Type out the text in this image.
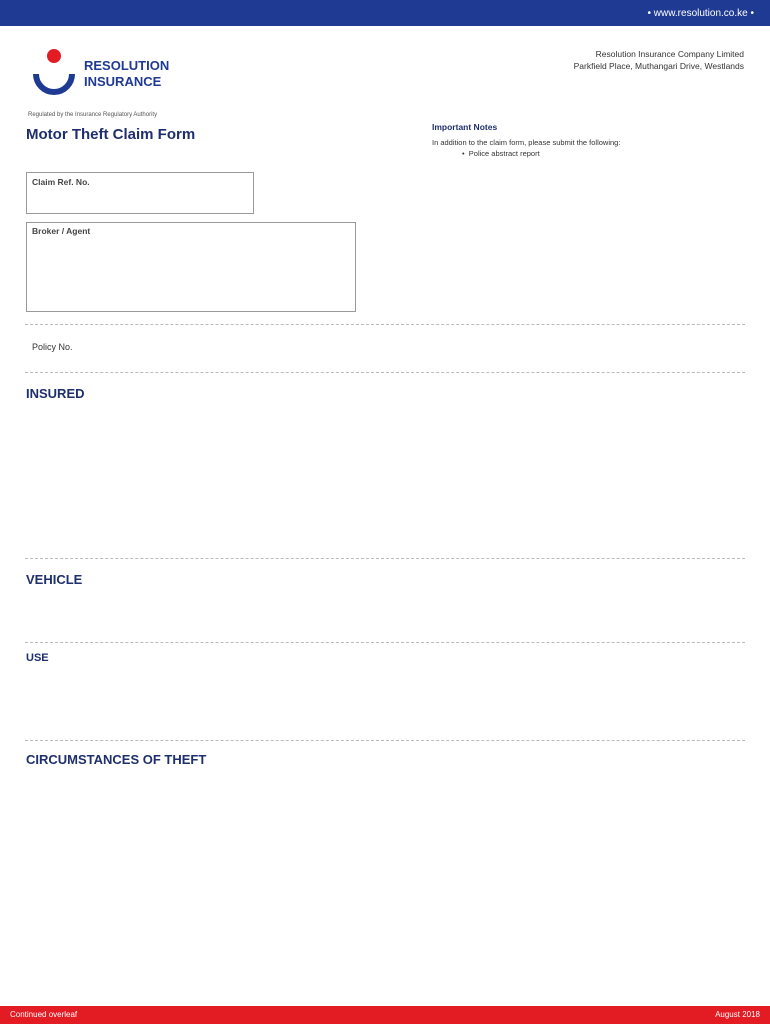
• www.resolution.co.ke •
RESOLUTION
INSURANCE
Regulated by the Insurance Regulatory Authority
Resolution Insurance Company Limited
Parkfield Place, Muthangari Drive, Westlands
Motor Theft Claim Form
Claim Ref. No.
Broker / Agent
Important Notes
In addition to the claim form, please submit the following:
•  Police abstract report
Policy No.
INSURED
VEHICLE
USE
CIRCUMSTANCES OF THEFT
Continued overleaf	August 2018
